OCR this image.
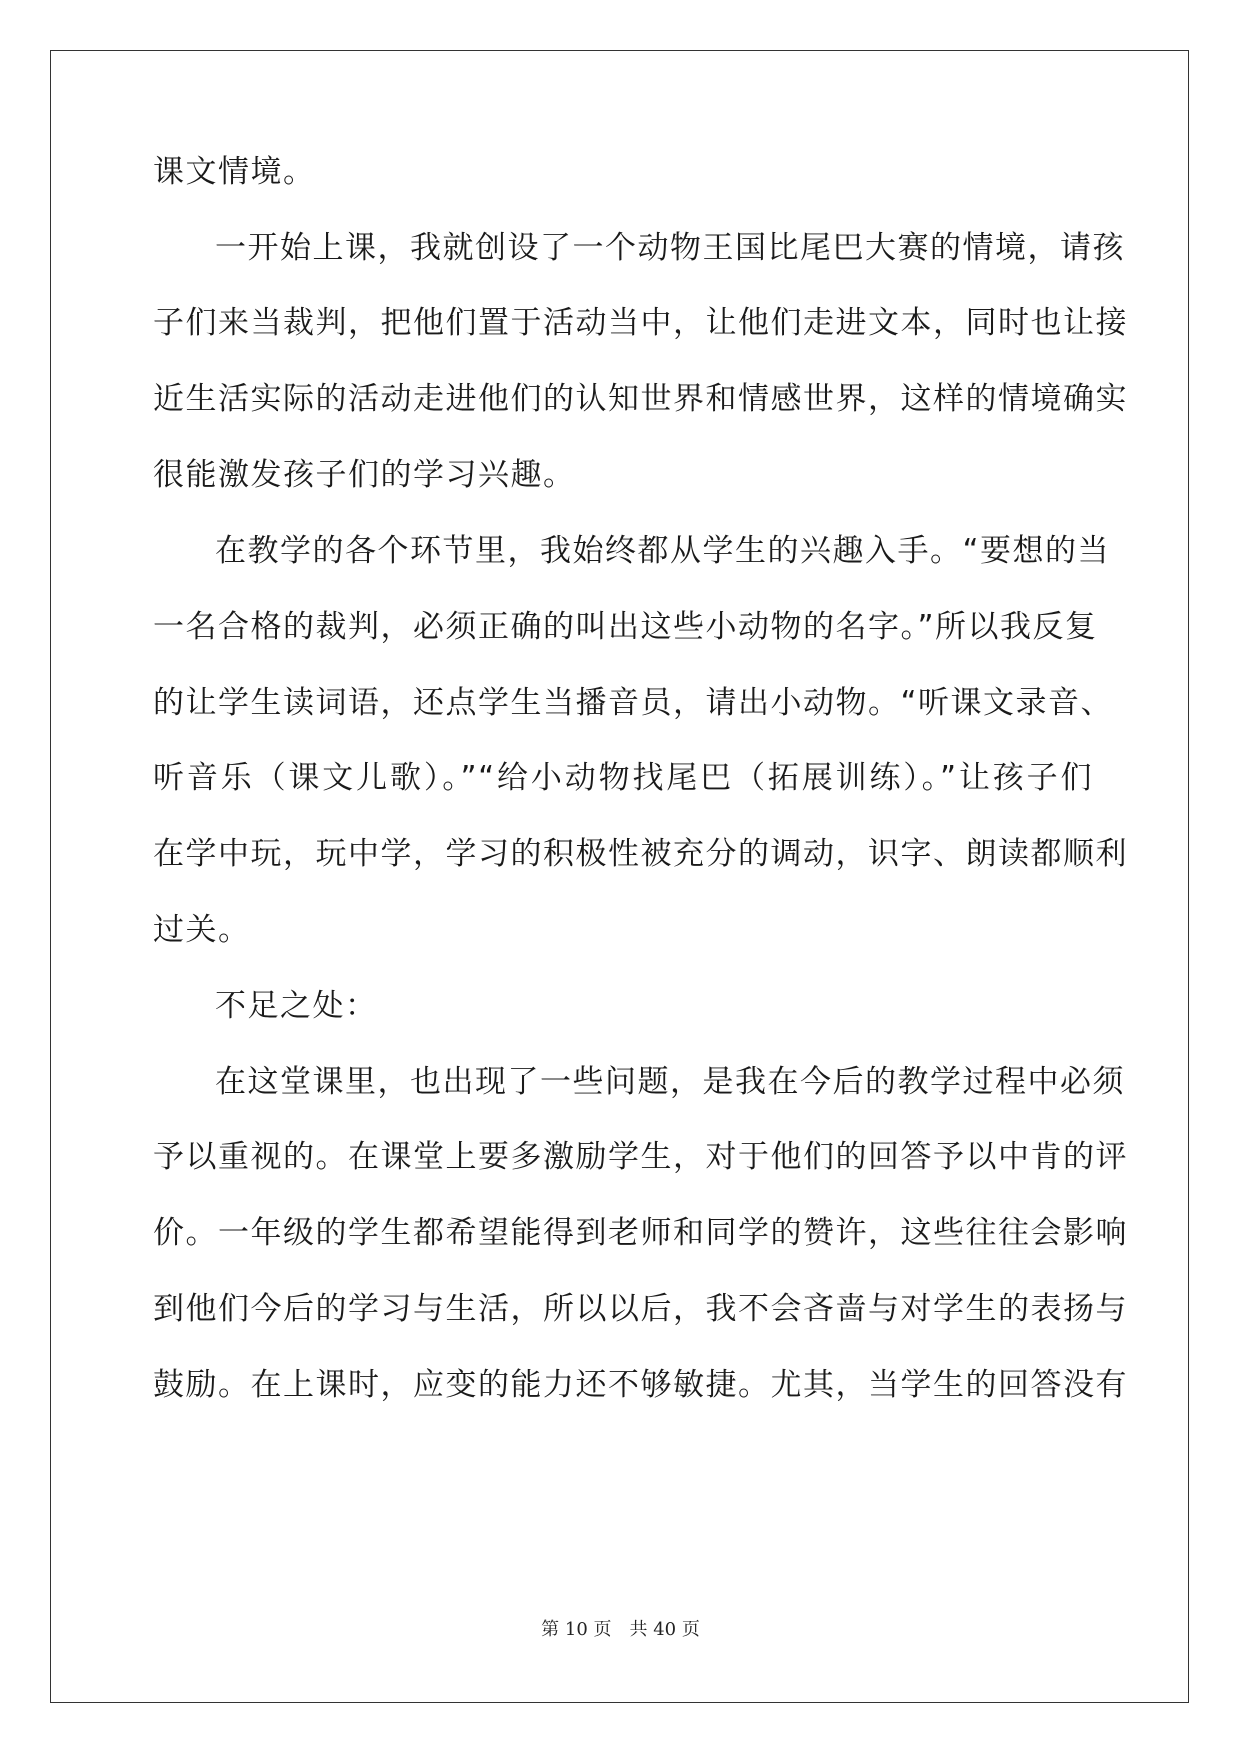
课文情境。
一开始上课，我就创设了一个动物王国比尾巴大赛的情境，请孩
子们来当裁判，把他们置于活动当中，让他们走进文本，同时也让接
近生活实际的活动走进他们的认知世界和情感世界，这样的情境确实
很能激发孩子们的学习兴趣。
在教学的各个环节里，我始终都从学生的兴趣入手。“要想的当
一名合格的裁判，必须正确的叫出这些小动物的名字。”所以我反复
的让学生读词语，还点学生当播音员，请出小动物。“听课文录音、
听音乐（课文儿歌）。”“给小动物找尾巴（拓展训练）。”让孩子们
在学中玩，玩中学，学习的积极性被充分的调动，识字、朗读都顺利
过关。
不足之处：
在这堂课里，也出现了一些问题，是我在今后的教学过程中必须
予以重视的。在课堂上要多激励学生，对于他们的回答予以中肯的评
价。一年级的学生都希望能得到老师和同学的赞许，这些往往会影响
到他们今后的学习与生活，所以以后，我不会吝啬与对学生的表扬与
鼓励。在上课时，应变的能力还不够敏捷。尤其，当学生的回答没有
第 10 页　共 40 页
